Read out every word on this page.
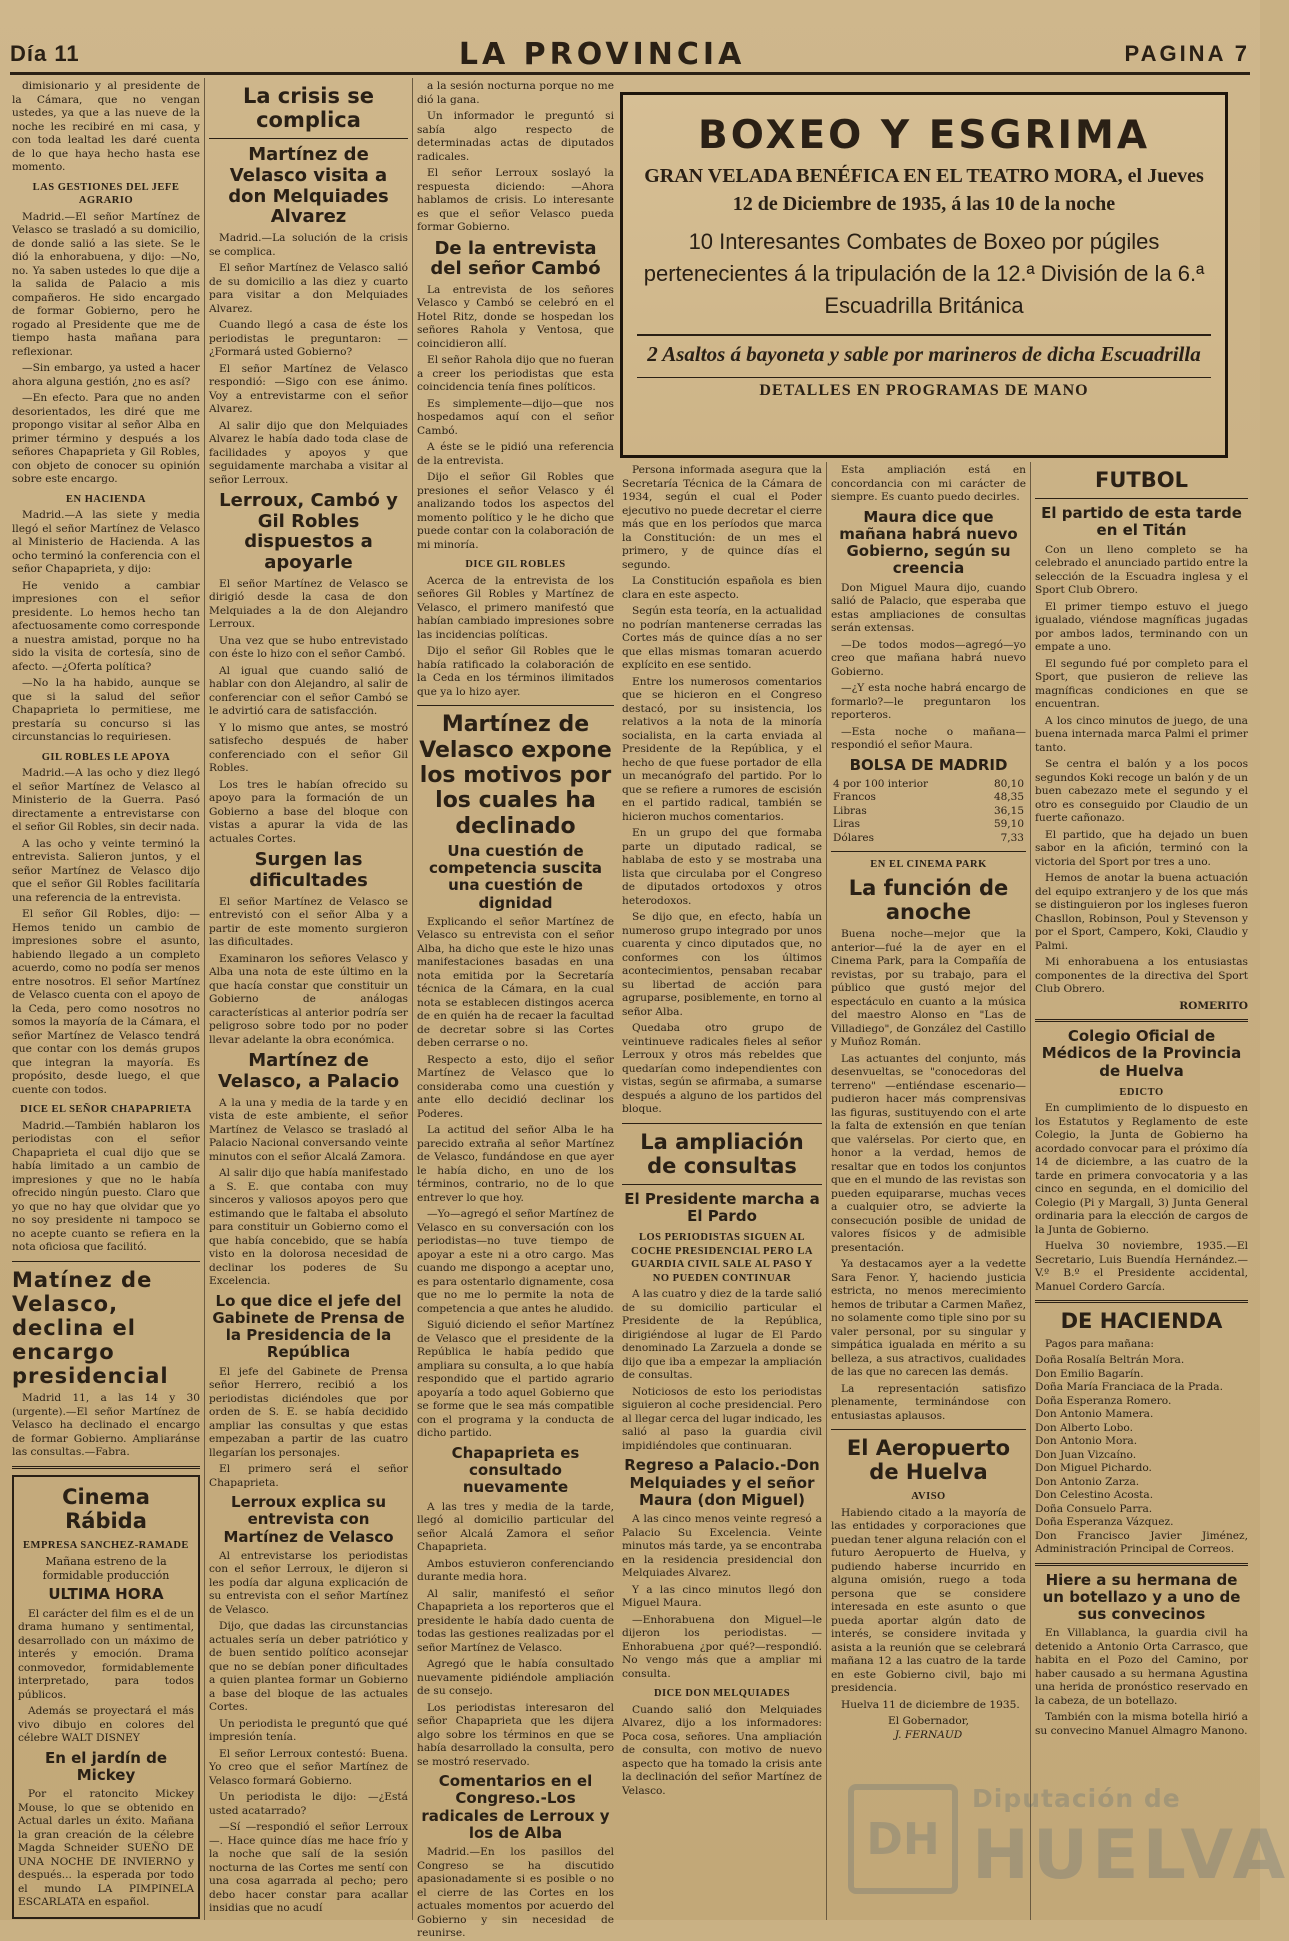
Día 11	LA PROVINCIA	PAGINA 7

dimisionario y al presidente de la Cámara, que no vengan ustedes, ya que a las nueve de la noche les recibiré en mi casa, y con toda lealtad les daré cuenta de lo que haya hecho hasta ese momento.

LAS GESTIONES DEL JEFE AGRARIO

Madrid.—El señor Martínez de Velasco se trasladó a su domicilio, de donde salió a las siete. Se le dió la enhorabuena, y dijo: —No, no. Ya saben ustedes lo que dije a la salida de Palacio a mis compañeros. He sido encargado de formar Gobierno, pero he rogado al Presidente que me de tiempo hasta mañana para reflexionar.

—Sin embargo, ya usted a hacer ahora alguna gestión, ¿no es así?

—En efecto. Para que no anden desorientados, les diré que me propongo visitar al señor Alba en primer término y después a los señores Chapaprieta y Gil Robles, con objeto de conocer su opinión sobre este encargo.

EN HACIENDA

Madrid.—A las siete y media llegó el señor Martínez de Velasco al Ministerio de Hacienda. A las ocho terminó la conferencia con el señor Chapaprieta, y dijo:

He venido a cambiar impresiones con el señor presidente. Lo hemos hecho tan afectuosamente como corresponde a nuestra amistad, porque no ha sido la visita de cortesía, sino de afecto. —¿Oferta política?

—No la ha habido, aunque se que si la salud del señor Chapaprieta lo permitiese, me prestaría su concurso si las circunstancias lo requiriesen.

GIL ROBLES LE APOYA

Madrid.—A las ocho y diez llegó el señor Martínez de Velasco al Ministerio de la Guerra. Pasó directamente a entrevistarse con el señor Gil Robles, sin decir nada.

A las ocho y veinte terminó la entrevista. Salieron juntos, y el señor Martínez de Velasco dijo que el señor Gil Robles facilitaría una referencia de la entrevista.

El señor Gil Robles, dijo: —Hemos tenido un cambio de impresiones sobre el asunto, habiendo llegado a un completo acuerdo, como no podía ser menos entre nosotros. El señor Martínez de Velasco cuenta con el apoyo de la Ceda, pero como nosotros no somos la mayoría de la Cámara, el señor Martínez de Velasco tendrá que contar con los demás grupos que integran la mayoría. Es propósito, desde luego, el que cuente con todos.

DICE EL SEÑOR CHAPAPRIETA

Madrid.—También hablaron los periodistas con el señor Chapaprieta el cual dijo que se había limitado a un cambio de impresiones y que no le había ofrecido ningún puesto. Claro que yo que no hay que olvidar que yo no soy presidente ni tampoco se no acepte cuanto se refiera en la nota oficiosa que facilitó.

Matínez de Velasco, declina el encargo presidencial

Madrid 11, a las 14 y 30 (urgente).—El señor Martínez de Velasco ha declinado el encargo de formar Gobierno. Ampliaránse las consultas.—Fabra.

Cinema Rábida
EMPRESA SANCHEZ-RAMADE
Mañana estreno de la formidable producción
ULTIMA HORA

El carácter del film es el de un drama humano y sentimental, desarrollado con un máximo de interés y emoción. Drama conmovedor, formidablemente interpretado, para todos públicos.

Además se proyectará el más vivo dibujo en colores del célebre WALT DISNEY

En el jardín de Mickey

Por el ratoncito Mickey Mouse, lo que se obtenido en Actual darles un éxito. Mañana la gran creación de la célebre Magda Schneider SUEÑO DE UNA NOCHE DE INVIERNO y después... la esperada por todo el mundo LA PIMPINELA ESCARLATA en español.

La crisis se complica
Martínez de Velasco visita a don Melquiades Alvarez

Madrid.—La solución de la crisis se complica.

El señor Martínez de Velasco salió de su domicilio a las diez y cuarto para visitar a don Melquiades Alvarez.

Cuando llegó a casa de éste los periodistas le preguntaron: —¿Formará usted Gobierno?

El señor Martínez de Velasco respondió: —Sigo con ese ánimo. Voy a entrevistarme con el señor Alvarez.

Al salir dijo que don Melquiades Alvarez le había dado toda clase de facilidades y apoyos y que seguidamente marchaba a visitar al señor Lerroux.

Lerroux, Cambó y Gil Robles dispuestos a apoyarle

El señor Martínez de Velasco se dirigió desde la casa de don Melquiades a la de don Alejandro Lerroux.

Una vez que se hubo entrevistado con éste lo hizo con el señor Cambó.

Al igual que cuando salió de hablar con don Alejandro, al salir de conferenciar con el señor Cambó se le advirtió cara de satisfacción.

Y lo mismo que antes, se mostró satisfecho después de haber conferenciado con el señor Gil Robles.

Los tres le habían ofrecido su apoyo para la formación de un Gobierno a base del bloque con vistas a apurar la vida de las actuales Cortes.

Surgen las dificultades

El señor Martínez de Velasco se entrevistó con el señor Alba y a partir de este momento surgieron las dificultades.

Examinaron los señores Velasco y Alba una nota de este último en la que hacía constar que constituir un Gobierno de análogas características al anterior podría ser peligroso sobre todo por no poder llevar adelante la obra económica.

Martínez de Velasco, a Palacio

A la una y media de la tarde y en vista de este ambiente, el señor Martínez de Velasco se trasladó al Palacio Nacional conversando veinte minutos con el señor Alcalá Zamora.

Al salir dijo que había manifestado a S. E. que contaba con muy sinceros y valiosos apoyos pero que estimando que le faltaba el absoluto para constituir un Gobierno como el que había concebido, que se había visto en la dolorosa necesidad de declinar los poderes de Su Excelencia.

Lo que dice el jefe del Gabinete de Prensa de la Presidencia de la República

El jefe del Gabinete de Prensa señor Herrero, recibió a los periodistas diciéndoles que por orden de S. E. se había decidido ampliar las consultas y que estas empezaban a partir de las cuatro llegarían los personajes.

El primero será el señor Chapaprieta.

Lerroux explica su entrevista con Martínez de Velasco

Al entrevistarse los periodistas con el señor Lerroux, le dijeron si les podía dar alguna explicación de su entrevista con el señor Martínez de Velasco.

Dijo, que dadas las circunstancias actuales sería un deber patriótico y de buen sentido político aconsejar que no se debían poner dificultades a quien plantea formar un Gobierno a base del bloque de las actuales Cortes.

Un periodista le preguntó que qué impresión tenía.

El señor Lerroux contestó: Buena. Yo creo que el señor Martínez de Velasco formará Gobierno.

Un periodista le dijo: —¿Está usted acatarrado?

—Sí —respondió el señor Lerroux—. Hace quince días me hace frío y la noche que salí de la sesión nocturna de las Cortes me sentí con una cosa agarrada al pecho; pero debo hacer constar para acallar insidias que no acudí

a la sesión nocturna porque no me dió la gana.

Un informador le preguntó si sabía algo respecto de determinadas actas de diputados radicales.

El señor Lerroux soslayó la respuesta diciendo: —Ahora hablamos de crisis. Lo interesante es que el señor Velasco pueda formar Gobierno.

De la entrevista del señor Cambó

La entrevista de los señores Velasco y Cambó se celebró en el Hotel Ritz, donde se hospedan los señores Rahola y Ventosa, que coincidieron allí.

El señor Rahola dijo que no fueran a creer los periodistas que esta coincidencia tenía fines políticos.

Es simplemente—dijo—que nos hospedamos aquí con el señor Cambó.

A éste se le pidió una referencia de la entrevista.

Dijo el señor Gil Robles que presiones el señor Velasco y él analizando todos los aspectos del momento político y le he dicho que puede contar con la colaboración de mi minoría.

DICE GIL ROBLES

Acerca de la entrevista de los señores Gil Robles y Martínez de Velasco, el primero manifestó que habían cambiado impresiones sobre las incidencias políticas.

Dijo el señor Gil Robles que le había ratificado la colaboración de la Ceda en los términos ilimitados que ya lo hizo ayer.

Martínez de Velasco expone los motivos por los cuales ha declinado
Una cuestión de competencia suscita una cuestión de dignidad

Explicando el señor Martínez de Velasco su entrevista con el señor Alba, ha dicho que este le hizo unas manifestaciones basadas en una nota emitida por la Secretaría técnica de la Cámara, en la cual nota se establecen distingos acerca de en quién ha de recaer la facultad de decretar sobre si las Cortes deben cerrarse o no.

Respecto a esto, dijo el señor Martínez de Velasco que lo consideraba como una cuestión y ante ello decidió declinar los Poderes.

La actitud del señor Alba le ha parecido extraña al señor Martínez de Velasco, fundándose en que ayer le había dicho, en uno de los términos, contrario, no de lo que entrever lo que hoy.

—Yo—agregó el señor Martínez de Velasco en su conversación con los periodistas—no tuve tiempo de apoyar a este ni a otro cargo. Mas cuando me dispongo a aceptar uno, es para ostentarlo dignamente, cosa que no me lo permite la nota de competencia a que antes he aludido.

Siguió diciendo el señor Martínez de Velasco que el presidente de la República le había pedido que ampliara su consulta, a lo que había respondido que el partido agrario apoyaría a todo aquel Gobierno que se forme que le sea más compatible con el programa y la conducta de dicho partido.

Chapaprieta es consultado nuevamente

A las tres y media de la tarde, llegó al domicilio particular del señor Alcalá Zamora el señor Chapaprieta.

Ambos estuvieron conferenciando durante media hora.

Al salir, manifestó el señor Chapaprieta a los reporteros que el presidente le había dado cuenta de todas las gestiones realizadas por el señor Martínez de Velasco.

Agregó que le había consultado nuevamente pidiéndole ampliación de su consejo.

Los periodistas interesaron del señor Chapaprieta que les dijera algo sobre los términos en que se había desarrollado la consulta, pero se mostró reservado.

Comentarios en el Congreso.-Los radicales de Lerroux y los de Alba

Madrid.—En los pasillos del Congreso se ha discutido apasionadamente si es posible o no el cierre de las Cortes en los actuales momentos por acuerdo del Gobierno y sin necesidad de reunirse.

BOXEO Y ESGRIMA
GRAN VELADA BENÉFICA EN EL TEATRO MORA, el Jueves 12 de Diciembre de 1935, á las 10 de la noche
10 Interesantes Combates de Boxeo por púgiles pertenecientes á la tripulación de la 12.ª División de la 6.ª Escuadrilla Británica
2 Asaltos á bayoneta y sable por marineros de dicha Escuadrilla
DETALLES EN PROGRAMAS DE MANO

Persona informada asegura que la Secretaría Técnica de la Cámara de 1934, según el cual el Poder ejecutivo no puede decretar el cierre más que en los períodos que marca la Constitución: de un mes el primero, y de quince días el segundo.

La Constitución española es bien clara en este aspecto.

Según esta teoría, en la actualidad no podrían mantenerse cerradas las Cortes más de quince días a no ser que ellas mismas tomaran acuerdo explícito en ese sentido.

Entre los numerosos comentarios que se hicieron en el Congreso destacó, por su insistencia, los relativos a la nota de la minoría socialista, en la carta enviada al Presidente de la República, y el hecho de que fuese portador de ella un mecanógrafo del partido. Por lo que se refiere a rumores de escisión en el partido radical, también se hicieron muchos comentarios.

En un grupo del que formaba parte un diputado radical, se hablaba de esto y se mostraba una lista que circulaba por el Congreso de diputados ortodoxos y otros heterodoxos.

Se dijo que, en efecto, había un numeroso grupo integrado por unos cuarenta y cinco diputados que, no conformes con los últimos acontecimientos, pensaban recabar su libertad de acción para agruparse, posiblemente, en torno al señor Alba.

Quedaba otro grupo de veintinueve radicales fieles al señor Lerroux y otros más rebeldes que quedarían como independientes con vistas, según se afirmaba, a sumarse después a alguno de los partidos del bloque.

La ampliación de consultas
El Presidente marcha a El Pardo
LOS PERIODISTAS SIGUEN AL COCHE PRESIDENCIAL PERO LA GUARDIA CIVIL SALE AL PASO Y NO PUEDEN CONTINUAR

A las cuatro y diez de la tarde salió de su domicilio particular el Presidente de la República, dirigiéndose al lugar de El Pardo denominado La Zarzuela a donde se dijo que iba a empezar la ampliación de consultas.

Noticiosos de esto los periodistas siguieron al coche presidencial. Pero al llegar cerca del lugar indicado, les salió al paso la guardia civil impidiéndoles que continuaran.

Regreso a Palacio.-Don Melquiades y el señor Maura (don Miguel)

A las cinco menos veinte regresó a Palacio Su Excelencia. Veinte minutos más tarde, ya se encontraba en la residencia presidencial don Melquiades Alvarez.

Y a las cinco minutos llegó don Miguel Maura.

—Enhorabuena don Miguel—le dijeron los periodistas. —Enhorabuena ¿por qué?—respondió. No vengo más que a ampliar mi consulta.

DICE DON MELQUIADES

Cuando salió don Melquiades Alvarez, dijo a los informadores: Poca cosa, señores. Una ampliación de consulta, con motivo de nuevo aspecto que ha tomado la crisis ante la declinación del señor Martínez de Velasco.

Esta ampliación está en concordancia con mi carácter de siempre. Es cuanto puedo decirles.

Maura dice que mañana habrá nuevo Gobierno, según su creencia

Don Miguel Maura dijo, cuando salió de Palacio, que esperaba que estas ampliaciones de consultas serán extensas.

—De todos modos—agregó—yo creo que mañana habrá nuevo Gobierno.

—¿Y esta noche habrá encargo de formarlo?—le preguntaron los reporteros.

—Esta noche o mañana—respondió el señor Maura.

BOLSA DE MADRID
4 por 100 interior	80,10
Francos	48,35
Libras	36,15
Liras	59,10
Dólares	7,33
EN EL CINEMA PARK
La función de anoche

Buena noche—mejor que la anterior—fué la de ayer en el Cinema Park, para la Compañía de revistas, por su trabajo, para el público que gustó mejor del espectáculo en cuanto a la música del maestro Alonso en "Las de Villadiego", de González del Castillo y Muñoz Román.

Las actuantes del conjunto, más desenvueltas, se "conocedoras del terreno" —entiéndase escenario— pudieron hacer más comprensivas las figuras, sustituyendo con el arte la falta de extensión en que tenían que valérselas. Por cierto que, en honor a la verdad, hemos de resaltar que en todos los conjuntos que en el mundo de las revistas son pueden equipararse, muchas veces a cualquier otro, se advierte la consecución posible de unidad de valores físicos y de admisible presentación.

Ya destacamos ayer a la vedette Sara Fenor. Y, haciendo justicia estricta, no menos merecimiento hemos de tributar a Carmen Mañez, no solamente como tiple sino por su valer personal, por su singular y simpática igualada en mérito a su belleza, a sus atractivos, cualidades de las que no carecen las demás.

La representación satisfizo plenamente, terminándose con entusiastas aplausos.

El Aeropuerto de Huelva
AVISO

Habiendo citado a la mayoría de las entidades y corporaciones que puedan tener alguna relación con el futuro Aeropuerto de Huelva, y pudiendo haberse incurrido en alguna omisión, ruego a toda persona que se considere interesada en este asunto o que pueda aportar algún dato de interés, se considere invitada y asista a la reunión que se celebrará mañana 12 a las cuatro de la tarde en este Gobierno civil, bajo mi presidencia.

Huelva 11 de diciembre de 1935.

El Gobernador,
J. FERNAUD
FUTBOL
El partido de esta tarde en el Titán

Con un lleno completo se ha celebrado el anunciado partido entre la selección de la Escuadra inglesa y el Sport Club Obrero.

El primer tiempo estuvo el juego igualado, viéndose magníficas jugadas por ambos lados, terminando con un empate a uno.

El segundo fué por completo para el Sport, que pusieron de relieve las magníficas condiciones en que se encuentran.

A los cinco minutos de juego, de una buena internada marca Palmi el primer tanto.

Se centra el balón y a los pocos segundos Koki recoge un balón y de un buen cabezazo mete el segundo y el otro es conseguido por Claudio de un fuerte cañonazo.

El partido, que ha dejado un buen sabor en la afición, terminó con la victoria del Sport por tres a uno.

Hemos de anotar la buena actuación del equipo extranjero y de los que más se distinguieron por los ingleses fueron Chasllon, Robinson, Poul y Stevenson y por el Sport, Campero, Koki, Claudio y Palmi.

Mi enhorabuena a los entusiastas componentes de la directiva del Sport Club Obrero.

ROMERITO
Colegio Oficial de Médicos de la Provincia de Huelva
EDICTO

En cumplimiento de lo dispuesto en los Estatutos y Reglamento de este Colegio, la Junta de Gobierno ha acordado convocar para el próximo día 14 de diciembre, a las cuatro de la tarde en primera convocatoria y a las cinco en segunda, en el domicilio del Colegio (Pi y Margall, 3) Junta General ordinaria para la elección de cargos de la Junta de Gobierno.

Huelva 30 noviembre, 1935.—El Secretario, Luis Buendía Hernández.—V.º B.º el Presidente accidental, Manuel Cordero García.

DE HACIENDA

Pagos para mañana:

Doña Rosalía Beltrán Mora.
Don Emilio Bagarín.
Doña María Franciaca de la Prada.
Doña Esperanza Romero.
Don Antonio Mamera.
Don Alberto Lobo.
Don Antonio Mora.
Don Juan Vizcaíno.
Don Miguel Pichardo.
Don Antonio Zarza.
Don Celestino Acosta.
Doña Consuelo Parra.
Doña Esperanza Vázquez.
Don Francisco Javier Jiménez, Administración Principal de Correos.
Hiere a su hermana de un botellazo y a uno de sus convecinos

En Villablanca, la guardia civil ha detenido a Antonio Orta Carrasco, que habita en el Pozo del Camino, por haber causado a su hermana Agustina una herida de pronóstico reservado en la cabeza, de un botellazo.

También con la misma botella hirió a su convecino Manuel Almagro Manono.

DH
Diputación de
HUELVA
